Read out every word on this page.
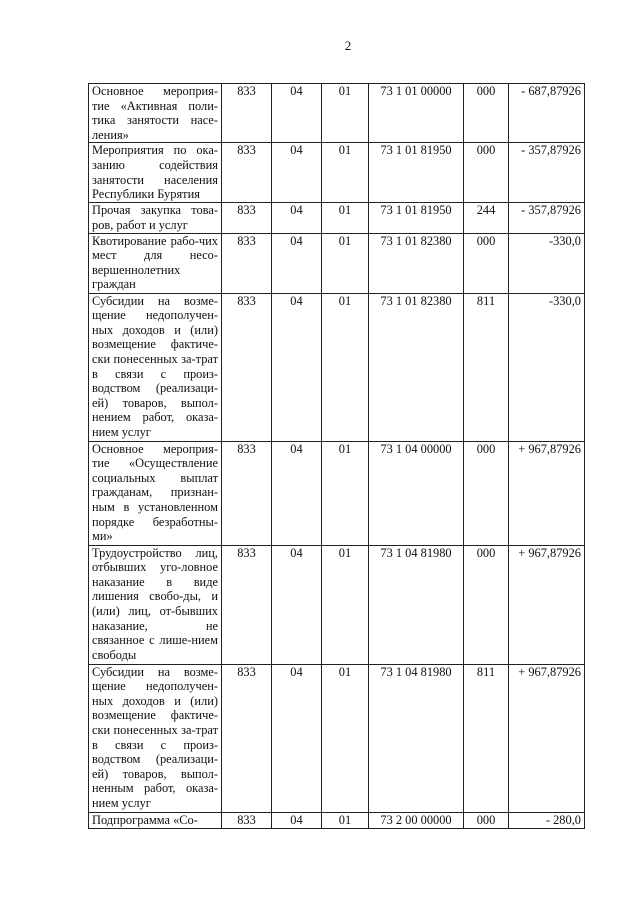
2
Основное мероприя-тие «Активная поли-тика занятости насе-ления»	833	04	01	73 1 01 00000	000	- 687,87926
Мероприятия по ока-занию содействия занятости населения Республики Бурятия	833	04	01	73 1 01 81950	000	- 357,87926
Прочая закупка това-ров, работ и услуг	833	04	01	73 1 01 81950	244	- 357,87926
Квотирование рабо-чих мест для несо-вершеннолетних граждан	833	04	01	73 1 01 82380	000	-330,0
Субсидии на возме-щение недополучен-ных доходов и (или) возмещение фактиче-ски понесенных за-трат в связи с произ-водством (реализаци-ей) товаров, выпол-нением работ, оказа-нием услуг	833	04	01	73 1 01 82380	811	-330,0
Основное мероприя-тие «Осуществление социальных выплат гражданам, признан-ным в установленном порядке безработны-ми»	833	04	01	73 1 04 00000	000	+ 967,87926
Трудоустройство лиц, отбывших уго-ловное наказание в виде лишения свобо-ды, и (или) лиц, от-бывших наказание, не связанное с лише-нием свободы	833	04	01	73 1 04 81980	000	+ 967,87926
Субсидии на возме-щение недополучен-ных доходов и (или) возмещение фактиче-ски понесенных за-трат в связи с произ-водством (реализаци-ей) товаров, выпол-ненным работ, оказа-нием услуг	833	04	01	73 1 04 81980	811	+ 967,87926
Подпрограмма «Со-	833	04	01	73 2 00 00000	000	- 280,0
